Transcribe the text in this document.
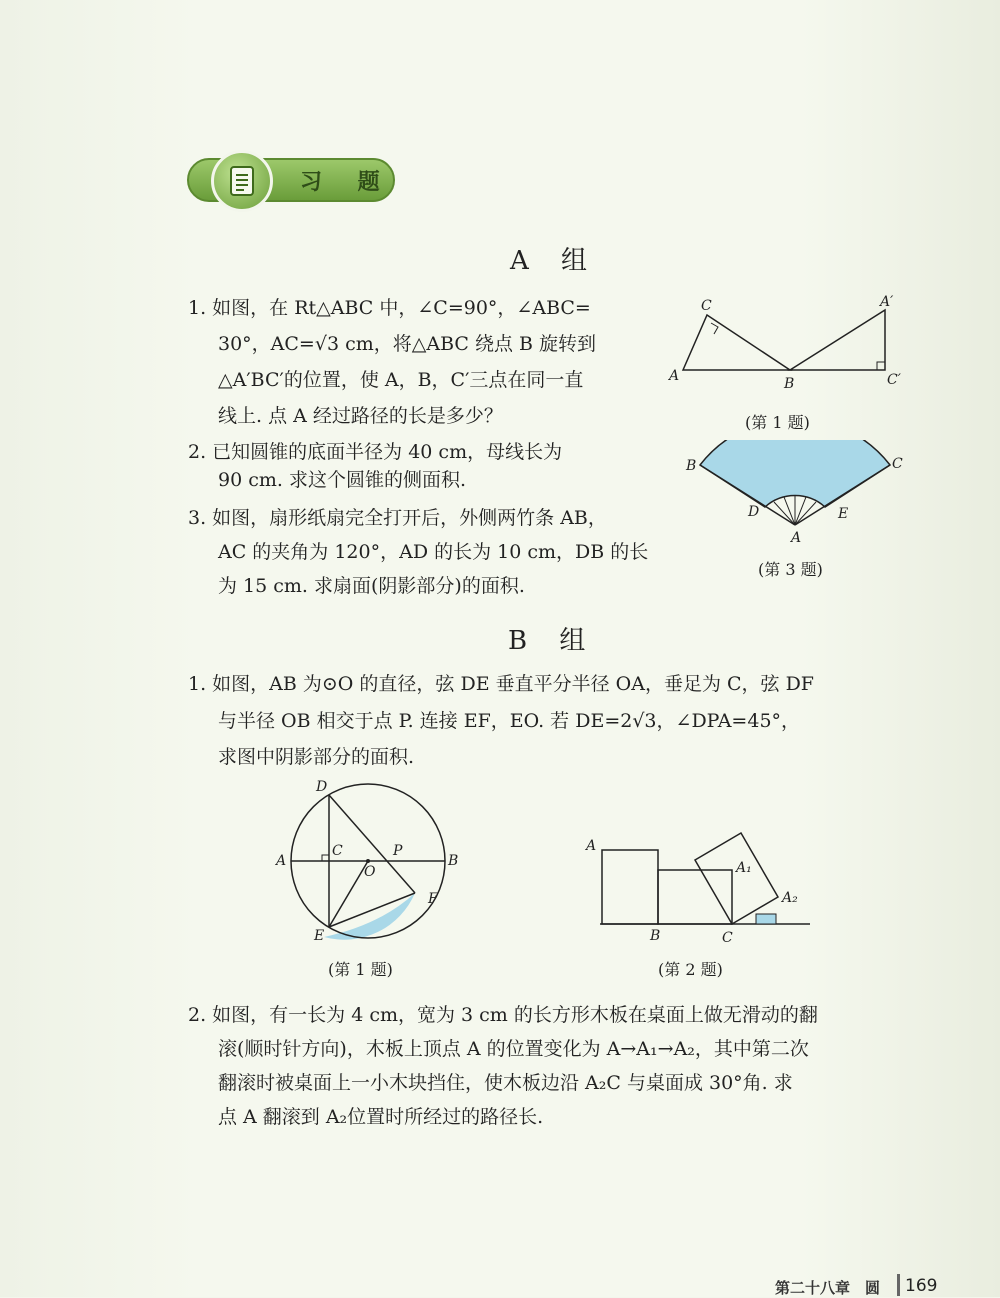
习 题
A 组
1. 如图，在 Rt△ABC 中，∠C=90°，∠ABC=
30°，AC=√3 cm，将△ABC 绕点 B 旋转到
△A′BC′的位置，使 A，B，C′三点在同一直
线上. 点 A 经过路径的长是多少？
2. 已知圆锥的底面半径为 40 cm，母线长为
90 cm. 求这个圆锥的侧面积.
3. 如图，扇形纸扇完全打开后，外侧两竹条 AB，
AC 的夹角为 120°，AD 的长为 10 cm，DB 的长
为 15 cm. 求扇面(阴影部分)的面积.
C	A′
A	B	C′
(第 1 题)
B	C
D	E
A
(第 3 题)
B 组
1. 如图，AB 为⊙O 的直径，弦 DE 垂直平分半径 OA，垂足为 C，弦 DF
与半径 OB 相交于点 P. 连接 EF，EO. 若 DE=2√3，∠DPA=45°，
求图中阴影部分的面积.
D
A
C
O
P
B
F
E
(第 1 题)
A
A₁
A₂
B	C
(第 2 题)
2. 如图，有一长为 4 cm，宽为 3 cm 的长方形木板在桌面上做无滑动的翻
滚(顺时针方向)，木板上顶点 A 的位置变化为 A→A₁→A₂，其中第二次
翻滚时被桌面上一小木块挡住，使木板边沿 A₂C 与桌面成 30°角. 求
点 A 翻滚到 A₂位置时所经过的路径长.
第二十八章　圆 169
